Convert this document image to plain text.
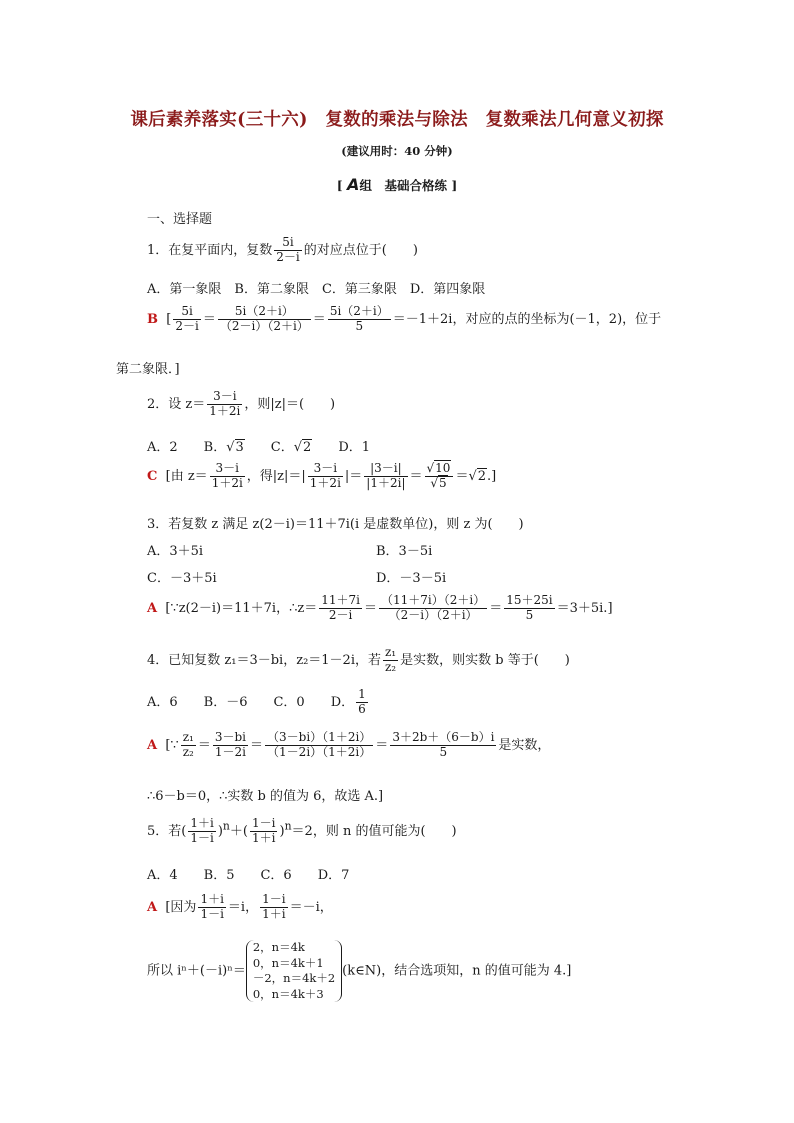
课后素养落实(三十六)　复数的乘法与除法　复数乘法几何意义初探
(建议用时：40 分钟)
[ A组　基础合格练 ]
一、选择题
1．在复平面内，复数 $\frac{5i}{2-i}$ 的对应点位于(　　)
A．第一象限　B．第二象限　C．第三象限　D．第四象限
B [ $\frac{5i}{2-i} = \frac{5i(2+i)}{(2-i)(2+i)} = \frac{5i(2+i)}{5} =-1+2i$，对应的点的坐标为(－1，2)，位于
第二象限．]
2．设 $z= \frac{3-i}{1+2i}$ ，则|z|＝(　　)
A．2　　B．√3　　C．√2　　D．1
C [由 $z= \frac{3-i}{1+2i}$ ，得$|z|=| \frac{3-i}{1+2i}$ |＝ $\frac{|3-i|}{|1+2i|} = \frac{√10}{√5} =√2$.]
3．若复数 z 满足 z(2－i)＝11＋7i(i 是虚数单位)，则 z 为(　　)
A．3＋5i	B．3－5i
C．－3＋5i	D．－3－5i
A [∵z(2－i)＝11＋7i，∴z＝ $\frac{11+7i}{2-i} = \frac{(11+7i)(2+i)}{(2-i)(2+i)} = \frac{15+25i}{5} =3+5i$.]
4．已知复数 z₁＝3－bi，z₂＝1－2i，若 $\frac{\text{z₁}}{\text{z₂}}$ 是实数，则实数 b 等于(　　)
A．6　　B．－6　　C．0　　D． $\frac{1}{6}$
A [∵ $\frac{\text{z₁}}{\text{z₂}} = \frac{3-bi}{1-2i} = \frac{(3-bi)(1+2i)}{(1-2i)(1+2i)} = \frac{3+2b+(6-b)i}{5}$ 是实数，
∴6－b＝0，∴实数 b 的值为 6，故选 A.]
5．若( $\frac{1+i}{1-i} )^n+( \frac{1-i}{1+i} )^n=2$，则 n 的值可能为(　　)
A．4　　B．5　　C．6　　D．7
A [因为 $\frac{1+i}{1-i} =i$， $\frac{1-i}{1+i} =-i$，
所以 iⁿ＋(－i)ⁿ＝
2，n＝4k
0，n＝4k＋1
－2，n＝4k＋2
0，n＝4k＋3
(k∈N)，结合选项知，n 的值可能为 4.]
